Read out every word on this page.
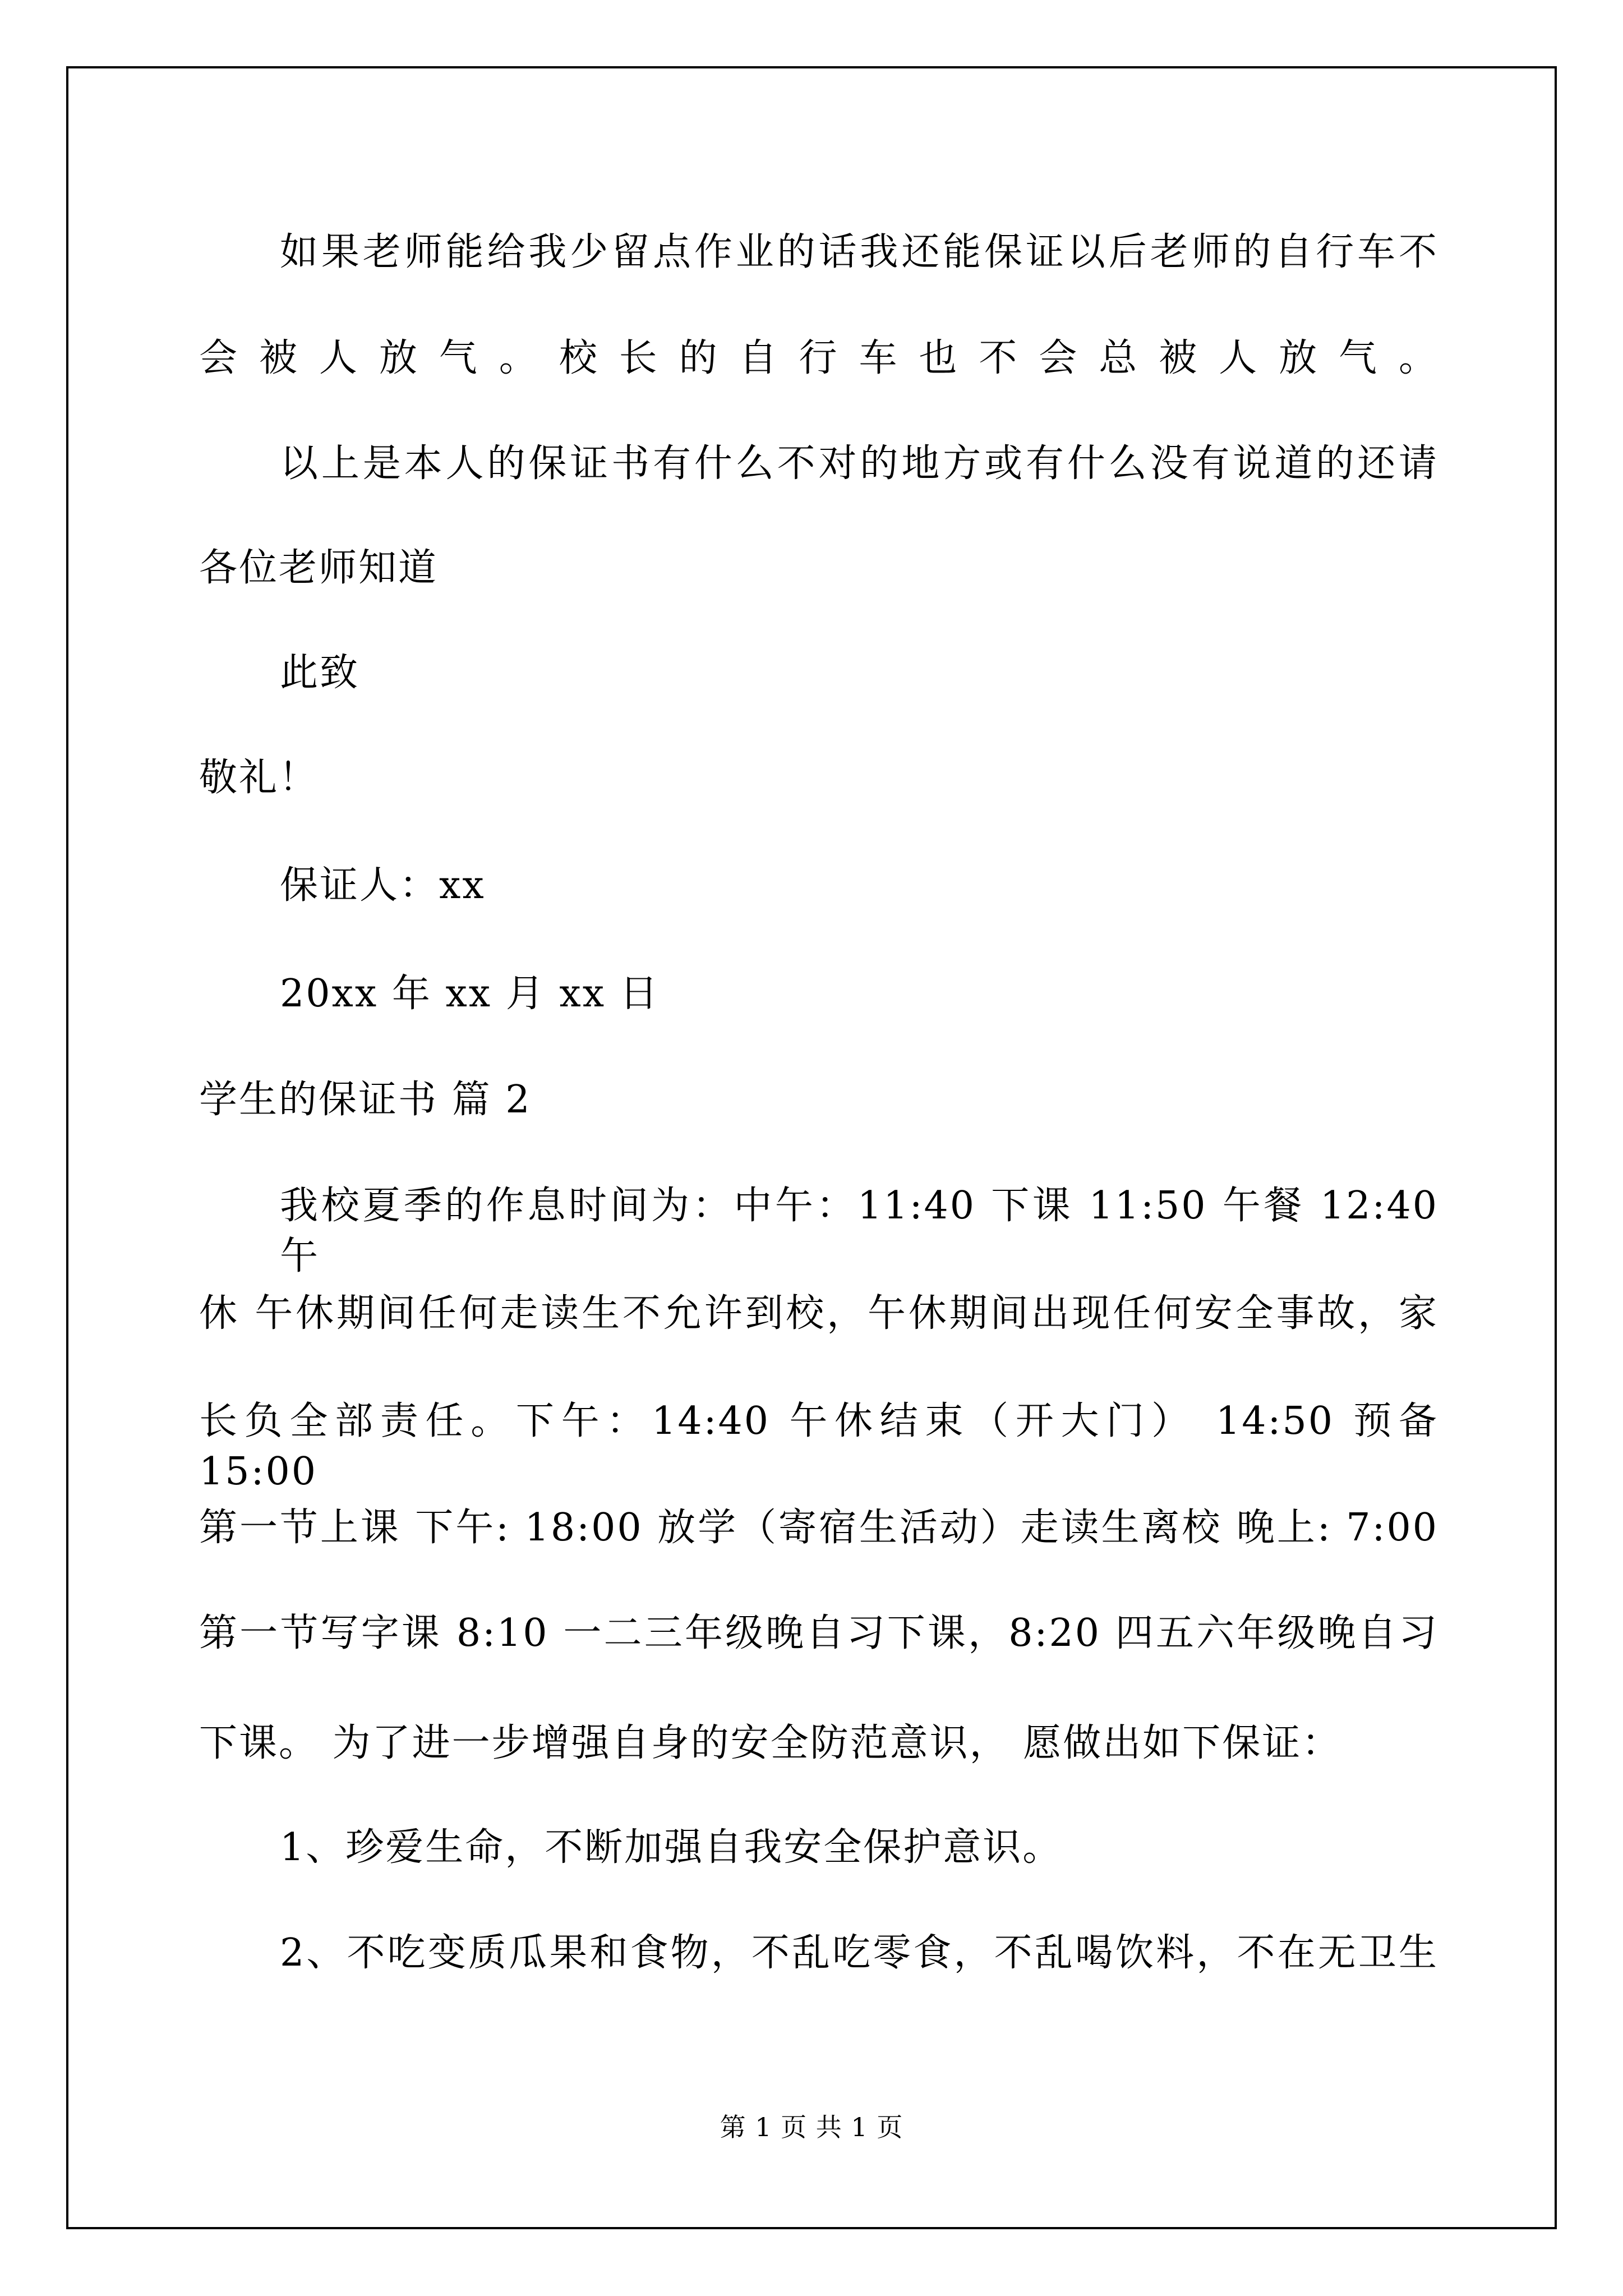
如果老师能给我少留点作业的话我还能保证以后老师的自行车不
会被人放气。校长的自行车也不会总被人放气。
以上是本人的保证书有什么不对的地方或有什么没有说道的还请
各位老师知道
此致
敬礼！
保证人：xx
20xx 年 xx 月 xx 日
学生的保证书 篇 2
我校夏季的作息时间为：中午：11:40 下课 11:50 午餐 12:40 午
休 午休期间任何走读生不允许到校，午休期间出现任何安全事故，家
长负全部责任。下午：14:40 午休结束（开大门） 14:50 预备 15:00
第一节上课 下午: 18:00 放学（寄宿生活动）走读生离校 晚上: 7:00
第一节写字课 8:10 一二三年级晚自习下课，8:20 四五六年级晚自习
下课。 为了进一步增强自身的安全防范意识， 愿做出如下保证：
1、珍爱生命，不断加强自我安全保护意识。
2、不吃变质瓜果和食物，不乱吃零食，不乱喝饮料，不在无卫生
第 1 页 共 1 页
